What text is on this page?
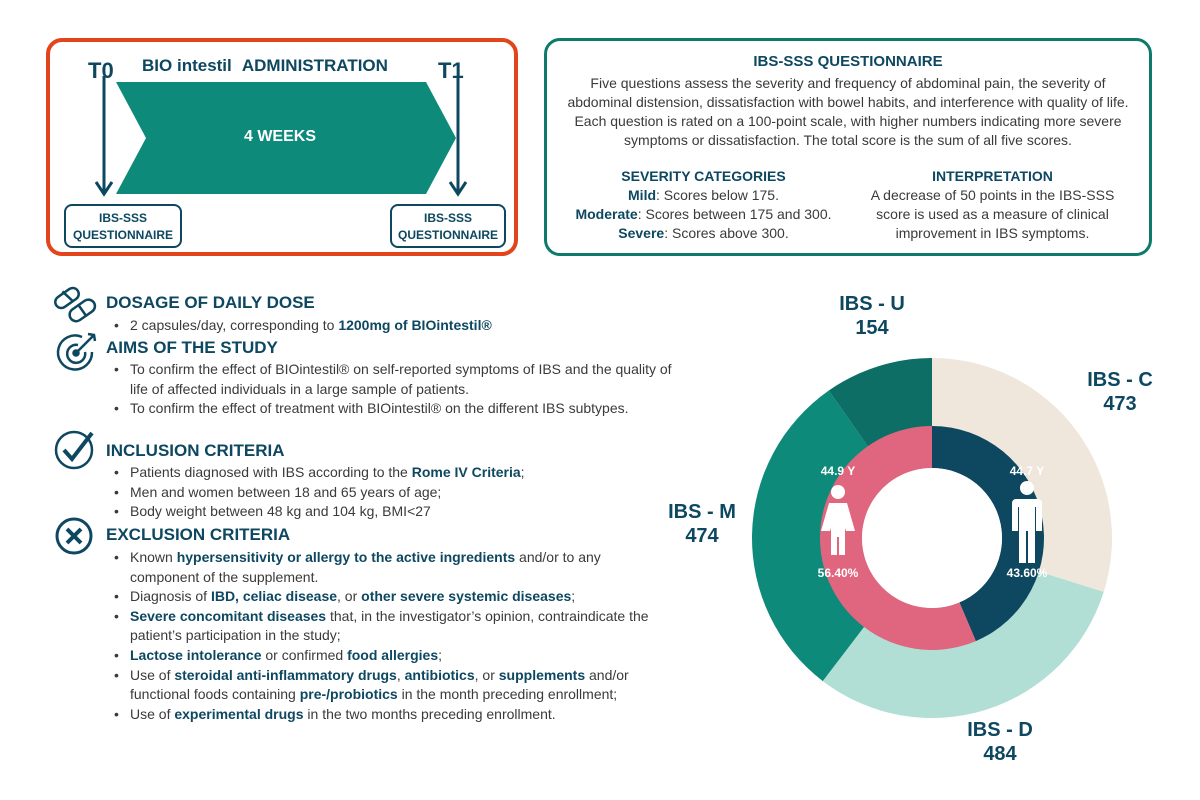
T0	T1
BIO intestil ADMINISTRATION
4 WEEKS
IBS-SSS
QUESTIONNAIRE
IBS-SSS
QUESTIONNAIRE
IBS-SSS QUESTIONNAIRE
Five questions assess the severity and frequency of abdominal pain, the severity of abdominal distension, dissatisfaction with bowel habits, and interference with quality of life. Each question is rated on a 100-point scale, with higher numbers indicating more severe symptoms or dissatisfaction. The total score is the sum of all five scores.
SEVERITY CATEGORIES
Mild: Scores below 175.
Moderate: Scores between 175 and 300.
Severe: Scores above 300.
INTERPRETATION
A decrease of 50 points in the IBS-SSS score is used as a measure of clinical improvement in IBS symptoms.
DOSAGE OF DAILY DOSE
• 2 capsules/day, corresponding to 1200mg of BIOintestil®
AIMS OF THE STUDY
• To confirm the effect of BIOintestil® on self-reported symptoms of IBS and the quality of life of affected individuals in a large sample of patients.
• To confirm the effect of treatment with BIOintestil® on the different IBS subtypes.
INCLUSION CRITERIA
• Patients diagnosed with IBS according to the Rome IV Criteria;
• Men and women between 18 and 65 years of age;
• Body weight between 48 kg and 104 kg, BMI<27
EXCLUSION CRITERIA
• Known hypersensitivity or allergy to the active ingredients and/or to any component of the supplement.
• Diagnosis of IBD, celiac disease, or other severe systemic diseases;
• Severe concomitant diseases that, in the investigator’s opinion, contraindicate the patient’s participation in the study;
• Lactose intolerance or confirmed food allergies;
• Use of steroidal anti-inflammatory drugs, antibiotics, or supplements and/or functional foods containing pre-/probiotics in the month preceding enrollment;
• Use of experimental drugs in the two months preceding enrollment.
44.9 Y
56.40%
44.7 Y
43.60%
IBS - U
154
IBS - C
473
IBS - M
474
IBS - D
484
